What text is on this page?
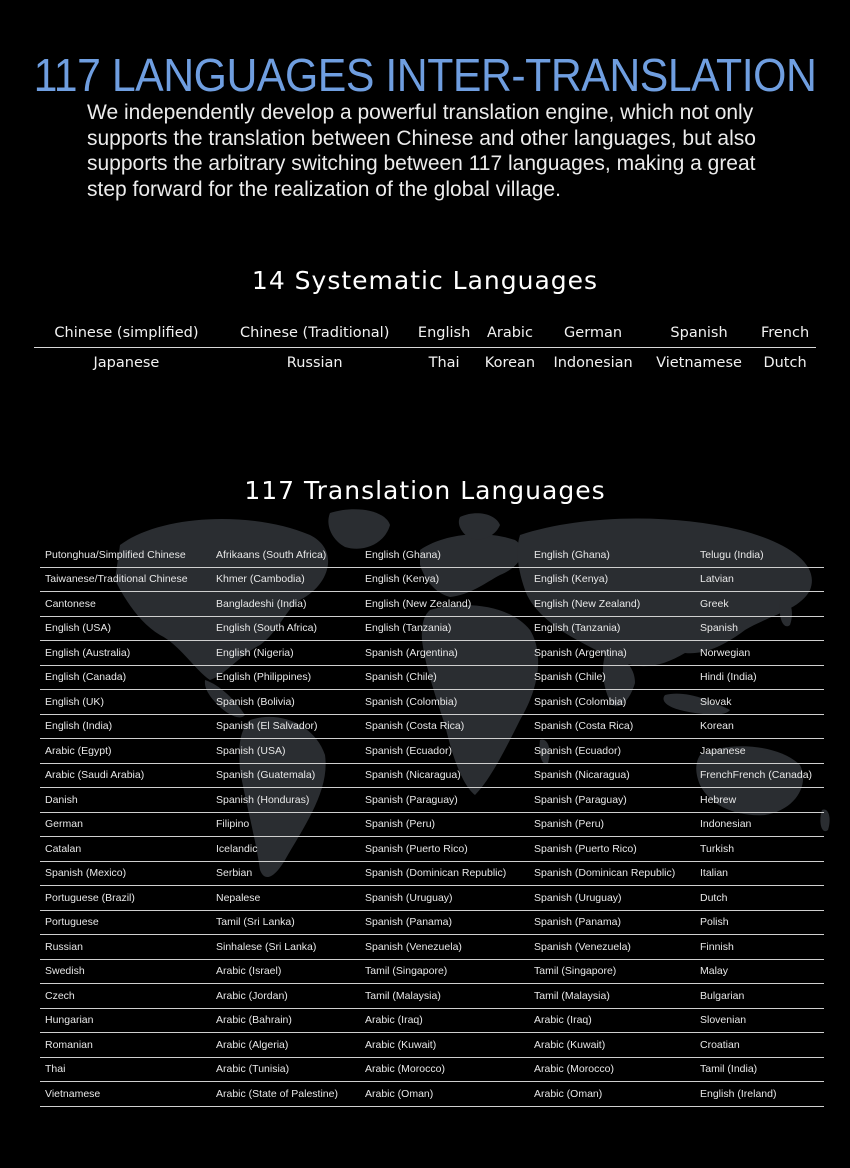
117 LANGUAGES INTER-TRANSLATION

We independently develop a powerful translation engine, which not only supports the translation between Chinese and other languages, but also supports the arbitrary switching between 117 languages, making a great step forward for the realization of the global village.

14 Systematic Languages
Chinese (simplified)	Chinese (Traditional)	English	Arabic	German	Spanish	French
Japanese	Russian	Thai	Korean	Indonesian	Vietnamese	Dutch
117 Translation Languages
Putonghua/Simplified Chinese	Afrikaans (South Africa)	English (Ghana)	English (Ghana)	Telugu (India)
Taiwanese/Traditional Chinese	Khmer (Cambodia)	English (Kenya)	English (Kenya)	Latvian
Cantonese	Bangladeshi (India)	English (New Zealand)	English (New Zealand)	Greek
English (USA)	English (South Africa)	English (Tanzania)	English (Tanzania)	Spanish
English (Australia)	English (Nigeria)	Spanish (Argentina)	Spanish (Argentina)	Norwegian
English (Canada)	English (Philippines)	Spanish (Chile)	Spanish (Chile)	Hindi (India)
English (UK)	Spanish (Bolivia)	Spanish (Colombia)	Spanish (Colombia)	Slovak
English (India)	Spanish (El Salvador)	Spanish (Costa Rica)	Spanish (Costa Rica)	Korean
Arabic (Egypt)	Spanish (USA)	Spanish (Ecuador)	Spanish (Ecuador)	Japanese
Arabic (Saudi Arabia)	Spanish (Guatemala)	Spanish (Nicaragua)	Spanish (Nicaragua)	FrenchFrench (Canada)
Danish	Spanish (Honduras)	Spanish (Paraguay)	Spanish (Paraguay)	Hebrew
German	Filipino	Spanish (Peru)	Spanish (Peru)	Indonesian
Catalan	Icelandic	Spanish (Puerto Rico)	Spanish (Puerto Rico)	Turkish
Spanish (Mexico)	Serbian	Spanish (Dominican Republic)	Spanish (Dominican Republic)	Italian
Portuguese (Brazil)	Nepalese	Spanish (Uruguay)	Spanish (Uruguay)	Dutch
Portuguese	Tamil (Sri Lanka)	Spanish (Panama)	Spanish (Panama)	Polish
Russian	Sinhalese (Sri Lanka)	Spanish (Venezuela)	Spanish (Venezuela)	Finnish
Swedish	Arabic (Israel)	Tamil (Singapore)	Tamil (Singapore)	Malay
Czech	Arabic (Jordan)	Tamil (Malaysia)	Tamil (Malaysia)	Bulgarian
Hungarian	Arabic (Bahrain)	Arabic (Iraq)	Arabic (Iraq)	Slovenian
Romanian	Arabic (Algeria)	Arabic (Kuwait)	Arabic (Kuwait)	Croatian
Thai	Arabic (Tunisia)	Arabic (Morocco)	Arabic (Morocco)	Tamil (India)
Vietnamese	Arabic (State of Palestine)	Arabic (Oman)	Arabic (Oman)	English (Ireland)
